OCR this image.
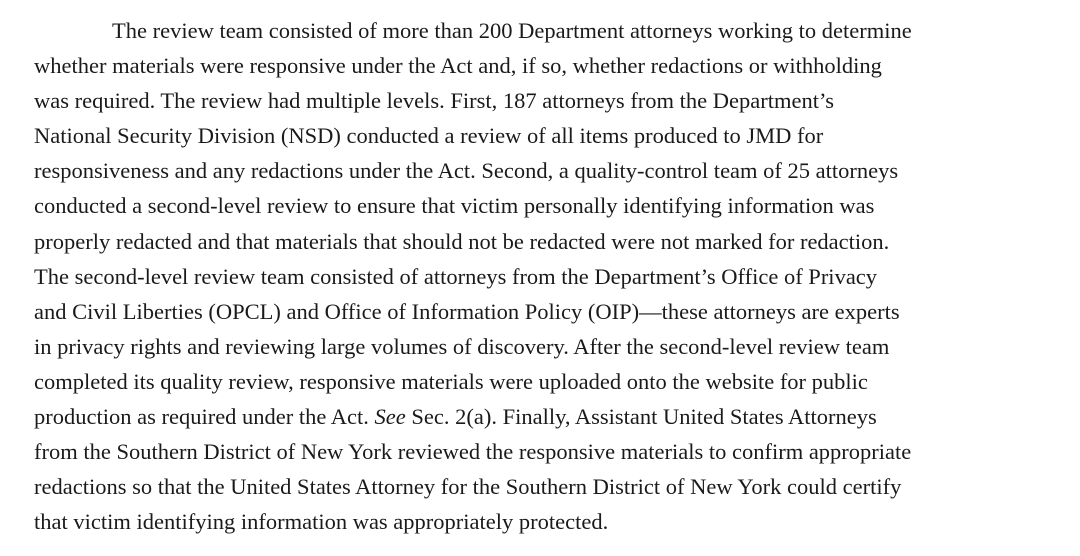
The review team consisted of more than 200 Department attorneys working to determine
whether materials were responsive under the Act and, if so, whether redactions or withholding
was required. The review had multiple levels. First, 187 attorneys from the Department’s
National Security Division (NSD) conducted a review of all items produced to JMD for
responsiveness and any redactions under the Act. Second, a quality-control team of 25 attorneys
conducted a second-level review to ensure that victim personally identifying information was
properly redacted and that materials that should not be redacted were not marked for redaction.
The second-level review team consisted of attorneys from the Department’s Office of Privacy
and Civil Liberties (OPCL) and Office of Information Policy (OIP)—these attorneys are experts
in privacy rights and reviewing large volumes of discovery. After the second-level review team
completed its quality review, responsive materials were uploaded onto the website for public
production as required under the Act. See Sec. 2(a). Finally, Assistant United States Attorneys
from the Southern District of New York reviewed the responsive materials to confirm appropriate
redactions so that the United States Attorney for the Southern District of New York could certify
that victim identifying information was appropriately protected.
